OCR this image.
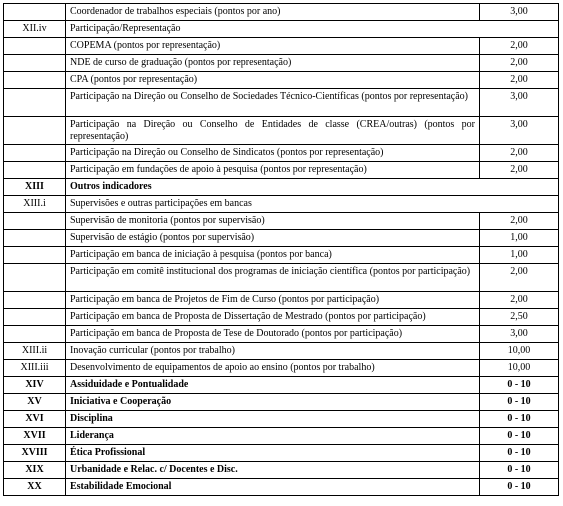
	Coordenador de trabalhos especiais (pontos por ano)	3,00
XII.iv	Participação/Representação	
	COPEMA (pontos por representação)	2,00
	NDE de curso de graduação (pontos por representação)	2,00
	CPA (pontos por representação)	2,00
	Participação na Direção ou Conselho de Sociedades Técnico-Científicas (pontos por representação)	3,00
	Participação na Direção ou Conselho de Entidades de classe (CREA/outras) (pontos por representação)	3,00
	Participação na Direção ou Conselho de Sindicatos (pontos por representação)	2,00
	Participação em fundações de apoio à pesquisa (pontos por representação)	2,00
XIII	Outros indicadores	
XIII.i	Supervisões e outras participações em bancas	
	Supervisão de monitoria (pontos por supervisão)	2,00
	Supervisão de estágio (pontos por supervisão)	1,00
	Participação em banca de iniciação à pesquisa (pontos por banca)	1,00
	Participação em comitê institucional dos programas de iniciação científica (pontos por participação)	2,00
	Participação em banca de Projetos de Fim de Curso (pontos por participação)	2,00
	Participação em banca de Proposta de Dissertação de Mestrado (pontos por participação)	2,50
	Participação em banca de Proposta de Tese de Doutorado (pontos por participação)	3,00
XIII.ii	Inovação curricular (pontos por trabalho)	10,00
XIII.iii	Desenvolvimento de equipamentos de apoio ao ensino (pontos por trabalho)	10,00
XIV	Assiduidade e Pontualidade	0 - 10
XV	Iniciativa e Cooperação	0 - 10
XVI	Disciplina	0 - 10
XVII	Liderança	0 - 10
XVIII	Ética Profissional	0 - 10
XIX	Urbanidade e Relac. c/ Docentes e Disc.	0 - 10
XX	Estabilidade Emocional	0 - 10
